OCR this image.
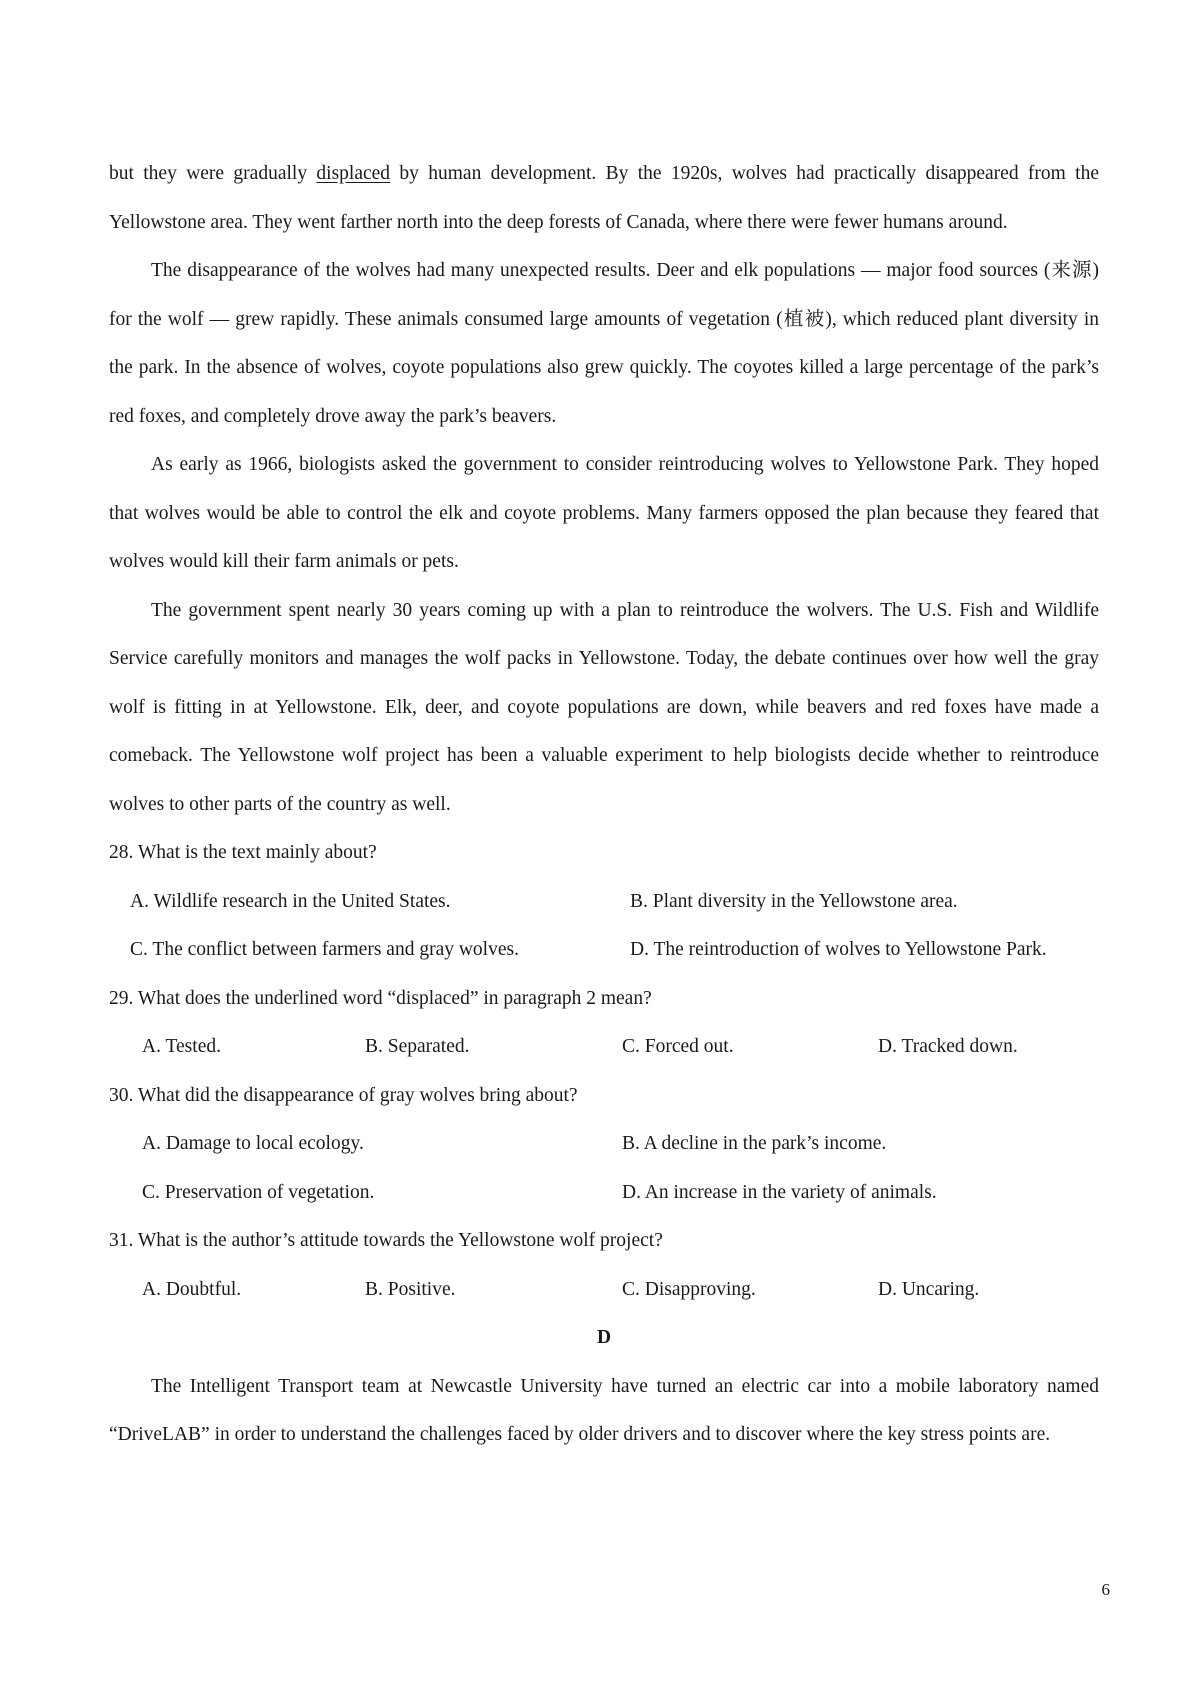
but they were gradually displaced by human development. By the 1920s, wolves had practically disappeared from the Yellowstone area. They went farther north into the deep forests of Canada, where there were fewer humans around.

The disappearance of the wolves had many unexpected results. Deer and elk populations — major food sources (来源) for the wolf — grew rapidly. These animals consumed large amounts of vegetation (植被), which reduced plant diversity in the park. In the absence of wolves, coyote populations also grew quickly. The coyotes killed a large percentage of the park’s red foxes, and completely drove away the park’s beavers.

As early as 1966, biologists asked the government to consider reintroducing wolves to Yellowstone Park. They hoped that wolves would be able to control the elk and coyote problems. Many farmers opposed the plan because they feared that wolves would kill their farm animals or pets.

The government spent nearly 30 years coming up with a plan to reintroduce the wolvers. The U.S. Fish and Wildlife Service carefully monitors and manages the wolf packs in Yellowstone. Today, the debate continues over how well the gray wolf is fitting in at Yellowstone. Elk, deer, and coyote populations are down, while beavers and red foxes have made a comeback. The Yellowstone wolf project has been a valuable experiment to help biologists decide whether to reintroduce wolves to other parts of the country as well.

28. What is the text mainly about?
A. Wildlife research in the United States.	B. Plant diversity in the Yellowstone area.
C. The conflict between farmers and gray wolves.	D. The reintroduction of wolves to Yellowstone Park.
29. What does the underlined word “displaced” in paragraph 2 mean?
A. Tested.	B. Separated.	C. Forced out.	D. Tracked down.
30. What did the disappearance of gray wolves bring about?
A. Damage to local ecology.	B. A decline in the park’s income.
C. Preservation of vegetation.	D. An increase in the variety of animals.
31. What is the author’s attitude towards the Yellowstone wolf project?
A. Doubtful.	B. Positive.	C. Disapproving.	D. Uncaring.
D

The Intelligent Transport team at Newcastle University have turned an electric car into a mobile laboratory named “DriveLAB” in order to understand the challenges faced by older drivers and to discover where the key stress points are.

6
